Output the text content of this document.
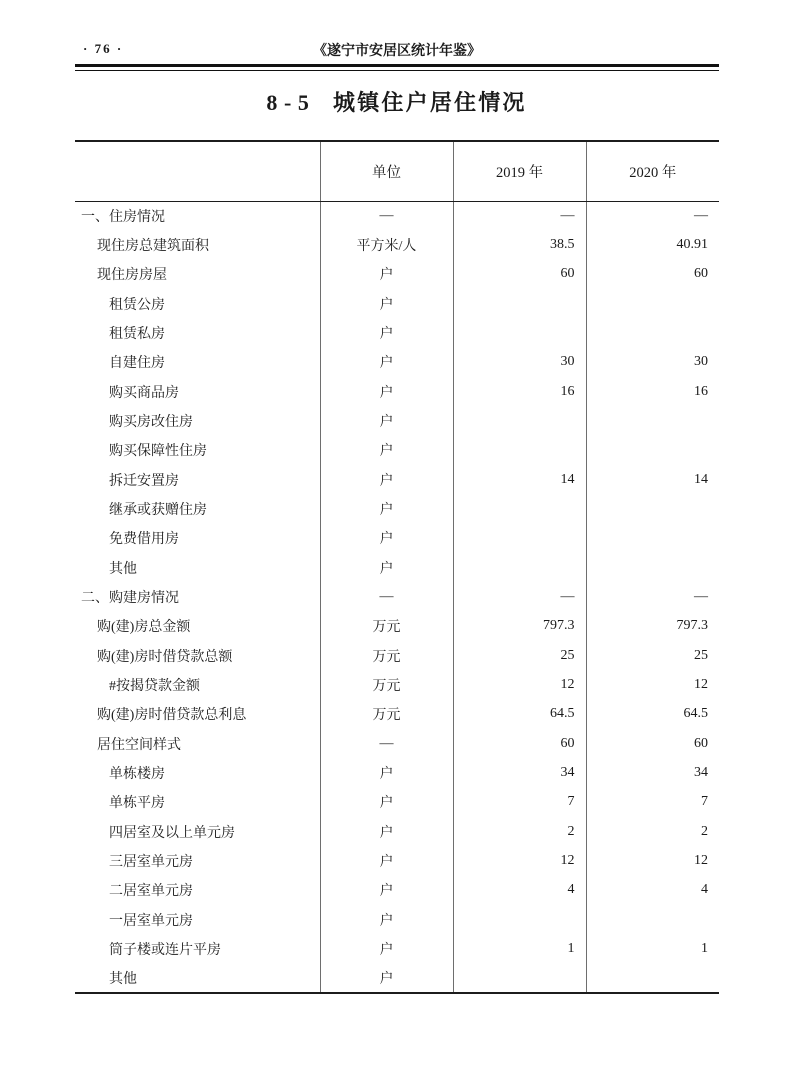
· 76 ·	《遂宁市安居区统计年鉴》
8-5 城镇住户居住情况
	单位	2019 年	2020 年
一、住房情况	—	—	—
现住房总建筑面积	平方米/人	38.5	40.91
现住房房屋	户	60	60
租赁公房	户		
租赁私房	户		
自建住房	户	30	30
购买商品房	户	16	16
购买房改住房	户		
购买保障性住房	户		
拆迁安置房	户	14	14
继承或获赠住房	户		
免费借用房	户		
其他	户		
二、购建房情况	—	—	—
购(建)房总金额	万元	797.3	797.3
购(建)房时借贷款总额	万元	25	25
#按揭贷款金额	万元	12	12
购(建)房时借贷款总利息	万元	64.5	64.5
居住空间样式	—	60	60
单栋楼房	户	34	34
单栋平房	户	7	7
四居室及以上单元房	户	2	2
三居室单元房	户	12	12
二居室单元房	户	4	4
一居室单元房	户		
筒子楼或连片平房	户	1	1
其他	户		
